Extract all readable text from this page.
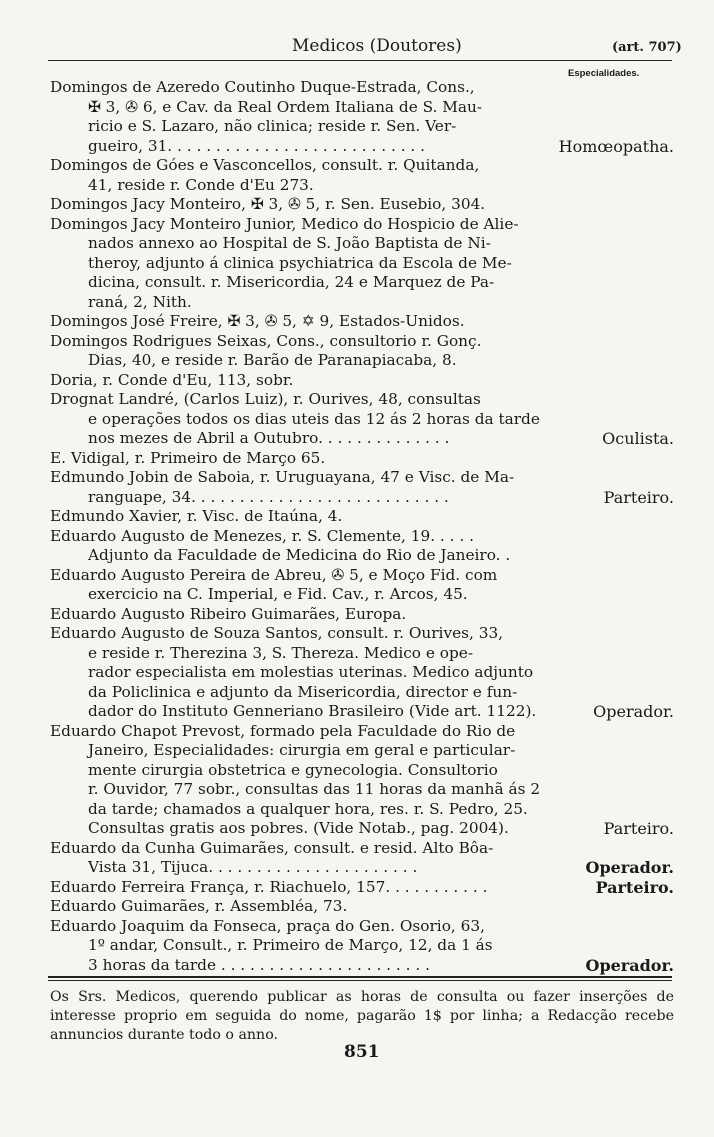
Medicos (Doutores)	(art. 707)
Especialidades.
Domingos de Azeredo Coutinho Duque-Estrada, Cons.,
✠ 3, ✇ 6, e Cav. da Real Ordem Italiana de S. Mau-
ricio e S. Lazaro, não clinica; reside r. Sen. Ver-
gueiro, 31. . . . . . . . . . . . . . . . . . . . . . . . . . .	Homœopatha.
Domingos de Góes e Vasconcellos, consult. r. Quitanda,
41, reside r. Conde d'Eu 273.
Domingos Jacy Monteiro, ✠ 3, ✇ 5, r. Sen. Eusebio, 304.
Domingos Jacy Monteiro Junior, Medico do Hospicio de Alie-
nados annexo ao Hospital de S. João Baptista de Ni-
theroy, adjunto á clinica psychiatrica da Escola de Me-
dicina, consult. r. Misericordia, 24 e Marquez de Pa-
raná, 2, Nith.
Domingos José Freire, ✠ 3, ✇ 5, ✡ 9, Estados-Unidos.
Domingos Rodrigues Seixas, Cons., consultorio r. Gonç.
Dias, 40, e reside r. Barão de Paranapiacaba, 8.
Doria, r. Conde d'Eu, 113, sobr.
Drognat Landré, (Carlos Luiz), r. Ourives, 48, consultas
e operações todos os dias uteis das 12 ás 2 horas da tarde
nos mezes de Abril a Outubro. . . . . . . . . . . . . .	Oculista.
E. Vidigal, r. Primeiro de Março 65.
Edmundo Jobin de Saboia, r. Uruguayana, 47 e Visc. de Ma-
ranguape, 34. . . . . . . . . . . . . . . . . . . . . . . . . . .	Parteiro.
Edmundo Xavier, r. Visc. de Itaúna, 4.
Eduardo Augusto de Menezes, r. S. Clemente, 19. . . . .
Adjunto da Faculdade de Medicina do Rio de Janeiro. .
Eduardo Augusto Pereira de Abreu, ✇ 5, e Moço Fid. com
exercicio na C. Imperial, e Fid. Cav., r. Arcos, 45.
Eduardo Augusto Ribeiro Guimarães, Europa.
Eduardo Augusto de Souza Santos, consult. r. Ourives, 33,
e reside r. Therezina 3, S. Thereza. Medico e ope-
rador especialista em molestias uterinas. Medico adjunto
da Policlinica e adjunto da Misericordia, director e fun-
dador do Instituto Genneriano Brasileiro (Vide art. 1122).	Operador.
Eduardo Chapot Prevost, formado pela Faculdade do Rio de
Janeiro, Especialidades: cirurgia em geral e particular-
mente cirurgia obstetrica e gynecologia. Consultorio
r. Ouvidor, 77 sobr., consultas das 11 horas da manhã ás 2
da tarde; chamados a qualquer hora, res. r. S. Pedro, 25.
Consultas gratis aos pobres. (Vide Notab., pag. 2004).	Parteiro.
Eduardo da Cunha Guimarães, consult. e resid. Alto Bôa-
Vista 31, Tijuca. . . . . . . . . . . . . . . . . . . . . .	Operador.
Eduardo Ferreira França, r. Riachuelo, 157. . . . . . . . . . .	Parteiro.
Eduardo Guimarães, r. Assembléa, 73.
Eduardo Joaquim da Fonseca, praça do Gen. Osorio, 63,
1º andar, Consult., r. Primeiro de Março, 12, da 1 ás
3 horas da tarde . . . . . . . . . . . . . . . . . . . . . .	Operador.
Os Srs. Medicos, querendo publicar as horas de consulta ou fazer inserções de interesse proprio em seguida do nome, pagarão 1$ por linha; a Redacção recebe annuncios durante todo o anno.
851
